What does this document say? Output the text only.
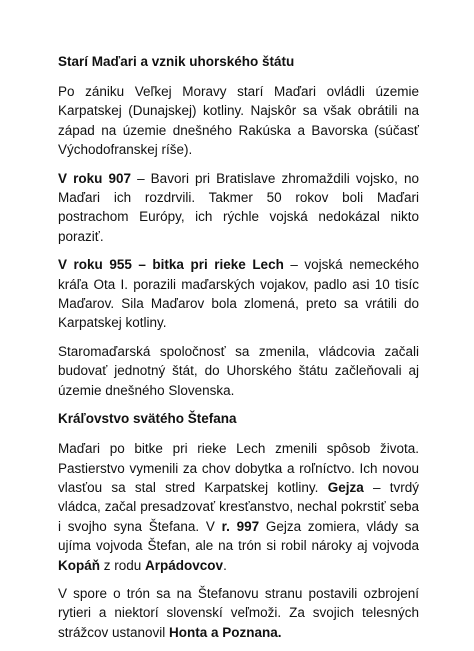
Starí Maďari a vznik uhorského štátu

Po zániku Veľkej Moravy starí Maďari ovládli územie Karpatskej (Dunajskej) kotliny. Najskôr sa však obrátili na západ na územie dnešného Rakúska a Bavorska (súčasť Východofranskej ríše).

V roku 907 – Bavori pri Bratislave zhromaždili vojsko, no Maďari ich rozdrvili. Takmer 50 rokov boli Maďari postrachom Európy, ich rýchle vojská nedokázal nikto poraziť.

V roku 955 – bitka pri rieke Lech – vojská nemeckého kráľa Ota I. porazili maďarských vojakov, padlo asi 10 tisíc Maďarov. Sila Maďarov bola zlomená, preto sa vrátili do Karpatskej kotliny.

Staromaďarská spoločnosť sa zmenila, vládcovia začali budovať jednotný štát, do Uhorského štátu začleňovali aj územie dnešného Slovenska.

Kráľovstvo svätého Štefana

Maďari po bitke pri rieke Lech zmenili spôsob života. Pastierstvo vymenili za chov dobytka a roľníctvo. Ich novou vlasťou sa stal stred Karpatskej kotliny. Gejza – tvrdý vládca, začal presadzovať kresťanstvo, nechal pokrstiť seba i svojho syna Štefana. V r. 997 Gejza zomiera, vlády sa ujíma vojvoda Štefan, ale na trón si robil nároky aj vojvoda Kopáň z rodu Arpádovcov.

V spore o trón sa na Štefanovu stranu postavili ozbrojení rytieri a niektorí slovenskí veľmoži. Za svojich telesných strážcov ustanovil Honta a Poznana.
